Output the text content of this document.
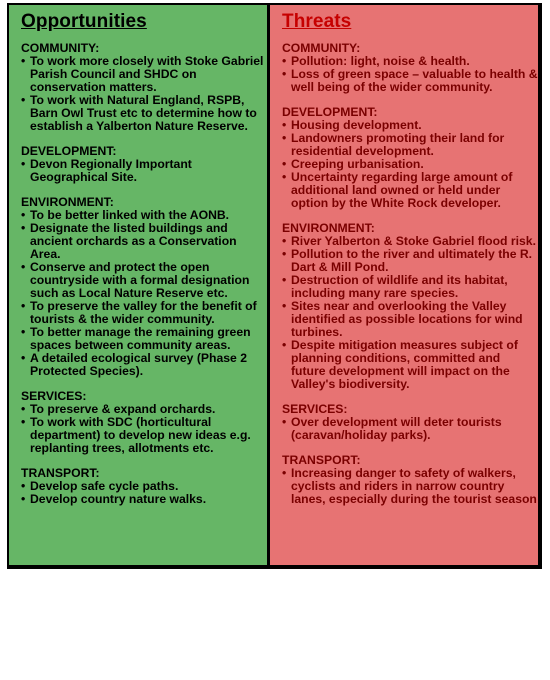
Opportunities
COMMUNITY:
• To work more closely with Stoke Gabriel Parish Council and SHDC on conservation matters.
• To work with Natural England, RSPB, Barn Owl Trust etc to determine how to establish a Yalberton Nature Reserve.
DEVELOPMENT:
• Devon Regionally Important Geographical Site.
ENVIRONMENT:
• To be better linked with the AONB.
• Designate the listed buildings and ancient orchards as a Conservation Area.
• Conserve and protect the open countryside with a formal designation such as Local Nature Reserve etc.
• To preserve the valley for the benefit of tourists & the wider community.
• To better manage the remaining green spaces between community areas.
• A detailed ecological survey (Phase 2 Protected Species).
SERVICES:
• To preserve & expand orchards.
• To work with SDC (horticultural department) to develop new ideas e.g. replanting trees, allotments etc.
TRANSPORT:
• Develop safe cycle paths.
• Develop country nature walks.
Threats
COMMUNITY:
• Pollution: light, noise & health.
• Loss of green space – valuable to health & well being of the wider community.
DEVELOPMENT:
• Housing development.
• Landowners promoting their land for residential development.
• Creeping urbanisation.
• Uncertainty regarding large amount of additional land owned or held under option by the White Rock developer.
ENVIRONMENT:
• River Yalberton & Stoke Gabriel flood risk.
• Pollution to the river and ultimately the R. Dart & Mill Pond.
• Destruction of wildlife and its habitat, including many rare species.
• Sites near and overlooking the Valley identified as possible locations for wind turbines.
• Despite mitigation measures subject of planning conditions, committed and future development will impact on the Valley's biodiversity.
SERVICES:
• Over development will deter tourists (caravan/holiday parks).
TRANSPORT:
• Increasing danger to safety of walkers, cyclists and riders in narrow country lanes, especially during the tourist season
